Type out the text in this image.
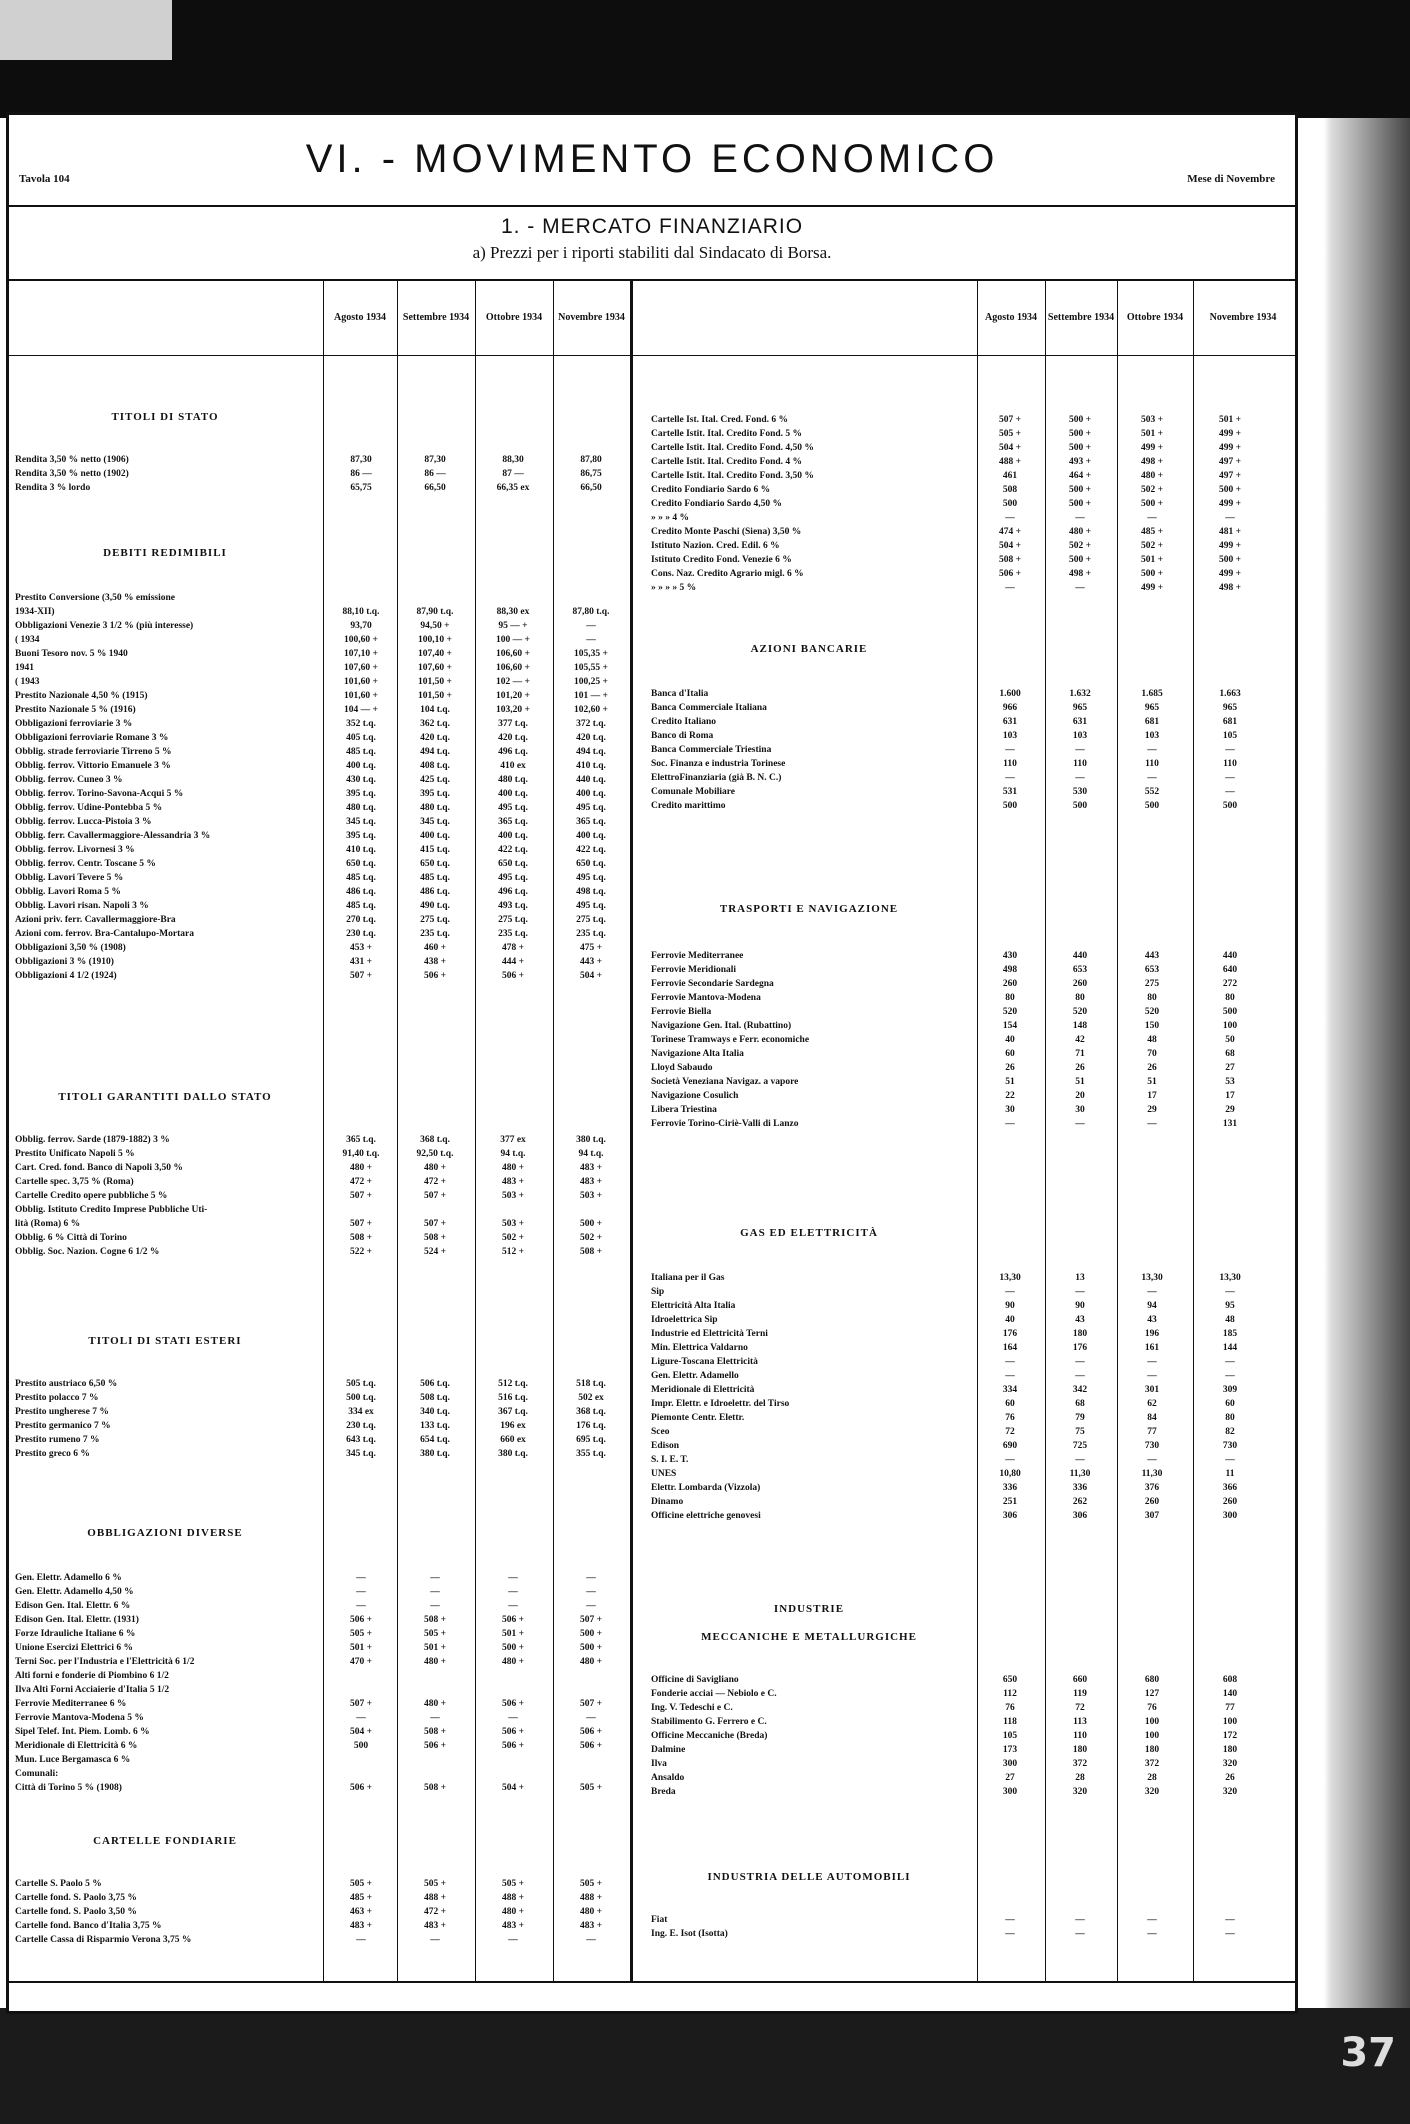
37
Tavola 104	VI. - MOVIMENTO ECONOMICO	Mese di Novembre
1. - MERCATO FINANZIARIO
a) Prezzi per i riporti stabiliti dal Sindacato di Borsa.
Agosto 1934	Settembre 1934	Ottobre 1934	Novembre 1934	Agosto 1934	Settembre 1934	Ottobre 1934	Novembre 1934
TITOLI DI STATO
Rendita 3,50 % netto (1906)	87,30	87,30	88,30	87,80
Rendita 3,50 % netto (1902)	86 —	86 —	87 —	86,75
Rendita 3 % lordo	65,75	66,50	66,35 ex	66,50
DEBITI REDIMIBILI
Prestito Conversione (3,50 % emissione
1934-XII)	88,10 t.q.	87,90 t.q.	88,30 ex	87,80 t.q.
Obbligazioni Venezie 3 1/2 % (più interesse)	93,70	94,50 +	95 — +	—
( 1934	100,60 +	100,10 +	100 — +	—
Buoni Tesoro nov. 5 % 1940	107,10 +	107,40 +	106,60 +	105,35 +
1941	107,60 +	107,60 +	106,60 +	105,55 +
( 1943	101,60 +	101,50 +	102 — +	100,25 +
Prestito Nazionale 4,50 % (1915)	101,60 +	101,50 +	101,20 +	101 — +
Prestito Nazionale 5 % (1916)	104 — +	104 t.q.	103,20 +	102,60 +
Obbligazioni ferroviarie 3 %	352 t.q.	362 t.q.	377 t.q.	372 t.q.
Obbligazioni ferroviarie Romane 3 %	405 t.q.	420 t.q.	420 t.q.	420 t.q.
Obblig. strade ferroviarie Tirreno 5 %	485 t.q.	494 t.q.	496 t.q.	494 t.q.
Obblig. ferrov. Vittorio Emanuele 3 %	400 t.q.	408 t.q.	410 ex	410 t.q.
Obblig. ferrov. Cuneo 3 %	430 t.q.	425 t.q.	480 t.q.	440 t.q.
Obblig. ferrov. Torino-Savona-Acqui 5 %	395 t.q.	395 t.q.	400 t.q.	400 t.q.
Obblig. ferrov. Udine-Pontebba 5 %	480 t.q.	480 t.q.	495 t.q.	495 t.q.
Obblig. ferrov. Lucca-Pistoia 3 %	345 t.q.	345 t.q.	365 t.q.	365 t.q.
Obblig. ferr. Cavallermaggiore-Alessandria 3 %	395 t.q.	400 t.q.	400 t.q.	400 t.q.
Obblig. ferrov. Livornesi 3 %	410 t.q.	415 t.q.	422 t.q.	422 t.q.
Obblig. ferrov. Centr. Toscane 5 %	650 t.q.	650 t.q.	650 t.q.	650 t.q.
Obblig. Lavori Tevere 5 %	485 t.q.	485 t.q.	495 t.q.	495 t.q.
Obblig. Lavori Roma 5 %	486 t.q.	486 t.q.	496 t.q.	498 t.q.
Obblig. Lavori risan. Napoli 3 %	485 t.q.	490 t.q.	493 t.q.	495 t.q.
Azioni priv. ferr. Cavallermaggiore-Bra	270 t.q.	275 t.q.	275 t.q.	275 t.q.
Azioni com. ferrov. Bra-Cantalupo-Mortara	230 t.q.	235 t.q.	235 t.q.	235 t.q.
Obbligazioni 3,50 % (1908)	453 +	460 +	478 +	475 +
Obbligazioni 3 % (1910)	431 +	438 +	444 +	443 +
Obbligazioni 4 1/2 (1924)	507 +	506 +	506 +	504 +
TITOLI GARANTITI DALLO STATO
Obblig. ferrov. Sarde (1879-1882) 3 %	365 t.q.	368 t.q.	377 ex	380 t.q.
Prestito Unificato Napoli 5 %	91,40 t.q.	92,50 t.q.	94 t.q.	94 t.q.
Cart. Cred. fond. Banco di Napoli 3,50 %	480 +	480 +	480 +	483 +
Cartelle spec. 3,75 % (Roma)	472 +	472 +	483 +	483 +
Cartelle Credito opere pubbliche 5 %	507 +	507 +	503 +	503 +
Obblig. Istituto Credito Imprese Pubbliche Uti-
lità (Roma) 6 %	507 +	507 +	503 +	500 +
Obblig. 6 % Città di Torino	508 +	508 +	502 +	502 +
Obblig. Soc. Nazion. Cogne 6 1/2 %	522 +	524 +	512 +	508 +
TITOLI DI STATI ESTERI
Prestito austriaco 6,50 %	505 t.q.	506 t.q.	512 t.q.	518 t.q.
Prestito polacco 7 %	500 t.q.	508 t.q.	516 t.q.	502 ex
Prestito ungherese 7 %	334 ex	340 t.q.	367 t.q.	368 t.q.
Prestito germanico 7 %	230 t.q.	133 t.q.	196 ex	176 t.q.
Prestito rumeno 7 %	643 t.q.	654 t.q.	660 ex	695 t.q.
Prestito greco 6 %	345 t.q.	380 t.q.	380 t.q.	355 t.q.
OBBLIGAZIONI DIVERSE
Gen. Elettr. Adamello 6 %	—	—	—	—
Gen. Elettr. Adamello 4,50 %	—	—	—	—
Edison Gen. Ital. Elettr. 6 %	—	—	—	—
Edison Gen. Ital. Elettr. (1931)	506 +	508 +	506 +	507 +
Forze Idrauliche Italiane 6 %	505 +	505 +	501 +	500 +
Unione Esercizi Elettrici 6 %	501 +	501 +	500 +	500 +
Terni Soc. per l'Industria e l'Elettricità 6 1/2	470 +	480 +	480 +	480 +
Alti forni e fonderie di Piombino 6 1/2
Ilva Alti Forni Acciaierie d'Italia 5 1/2
Ferrovie Mediterranee 6 %	507 +	480 +	506 +	507 +
Ferrovie Mantova-Modena 5 %	—	—	—	—
Sipel Telef. Int. Piem. Lomb. 6 %	504 +	508 +	506 +	506 +
Meridionale di Elettricità 6 %	500	506 +	506 +	506 +
Mun. Luce Bergamasca 6 %
Comunali:
Città di Torino 5 % (1908)	506 +	508 +	504 +	505 +
CARTELLE FONDIARIE
Cartelle S. Paolo 5 %	505 +	505 +	505 +	505 +
Cartelle fond. S. Paolo 3,75 %	485 +	488 +	488 +	488 +
Cartelle fond. S. Paolo 3,50 %	463 +	472 +	480 +	480 +
Cartelle fond. Banco d'Italia 3,75 %	483 +	483 +	483 +	483 +
Cartelle Cassa di Risparmio Verona 3,75 %	—	—	—	—
Cartelle Ist. Ital. Cred. Fond. 6 %	507 +	500 +	503 +	501 +
Cartelle Istit. Ital. Credito Fond. 5 %	505 +	500 +	501 +	499 +
Cartelle Istit. Ital. Credito Fond. 4,50 %	504 +	500 +	499 +	499 +
Cartelle Istit. Ital. Credito Fond. 4 %	488 +	493 +	498 +	497 +
Cartelle Istit. Ital. Credito Fond. 3,50 %	461	464 +	480 +	497 +
Credito Fondiario Sardo 6 %	508	500 +	502 +	500 +
Credito Fondiario Sardo 4,50 %	500	500 +	500 +	499 +
» » » 4 %	—	—	—	—
Credito Monte Paschi (Siena) 3,50 %	474 +	480 +	485 +	481 +
Istituto Nazion. Cred. Edil. 6 %	504 +	502 +	502 +	499 +
Istituto Credito Fond. Venezie 6 %	508 +	500 +	501 +	500 +
Cons. Naz. Credito Agrario migl. 6 %	506 +	498 +	500 +	499 +
» » » » 5 %	—	—	499 +	498 +
AZIONI BANCARIE
Banca d'Italia	1.600	1.632	1.685	1.663
Banca Commerciale Italiana	966	965	965	965
Credito Italiano	631	631	681	681
Banco di Roma	103	103	103	105
Banca Commerciale Triestina	—	—	—	—
Soc. Finanza e industria Torinese	110	110	110	110
ElettroFinanziaria (già B. N. C.)	—	—	—	—
Comunale Mobiliare	531	530	552	—
Credito marittimo	500	500	500	500
TRASPORTI E NAVIGAZIONE
Ferrovie Mediterranee	430	440	443	440
Ferrovie Meridionali	498	653	653	640
Ferrovie Secondarie Sardegna	260	260	275	272
Ferrovie Mantova-Modena	80	80	80	80
Ferrovie Biella	520	520	520	500
Navigazione Gen. Ital. (Rubattino)	154	148	150	100
Torinese Tramways e Ferr. economiche	40	42	48	50
Navigazione Alta Italia	60	71	70	68
Lloyd Sabaudo	26	26	26	27
Società Veneziana Navigaz. a vapore	51	51	51	53
Navigazione Cosulich	22	20	17	17
Libera Triestina	30	30	29	29
Ferrovie Torino-Ciriè-Valli di Lanzo	—	—	—	131
GAS ED ELETTRICITÀ
Italiana per il Gas	13,30	13	13,30	13,30
Sip	—	—	—	—
Elettricità Alta Italia	90	90	94	95
Idroelettrica Sip	40	43	43	48
Industrie ed Elettricità Terni	176	180	196	185
Min. Elettrica Valdarno	164	176	161	144
Ligure-Toscana Elettricità	—	—	—	—
Gen. Elettr. Adamello	—	—	—	—
Meridionale di Elettricità	334	342	301	309
Impr. Elettr. e Idroelettr. del Tirso	60	68	62	60
Piemonte Centr. Elettr.	76	79	84	80
Sceo	72	75	77	82
Edison	690	725	730	730
S. I. E. T.	—	—	—	—
UNES	10,80	11,30	11,30	11
Elettr. Lombarda (Vizzola)	336	336	376	366
Dinamo	251	262	260	260
Officine elettriche genovesi	306	306	307	300
INDUSTRIE
MECCANICHE E METALLURGICHE
Officine di Savigliano	650	660	680	608
Fonderie acciai — Nebiolo e C.	112	119	127	140
Ing. V. Tedeschi e C.	76	72	76	77
Stabilimento G. Ferrero e C.	118	113	100	100
Officine Meccaniche (Breda)	105	110	100	172
Dalmine	173	180	180	180
Ilva	300	372	372	320
Ansaldo	27	28	28	26
Breda	300	320	320	320
INDUSTRIA DELLE AUTOMOBILI
Fiat	—	—	—	—
Ing. E. Isot (Isotta)	—	—	—	—
